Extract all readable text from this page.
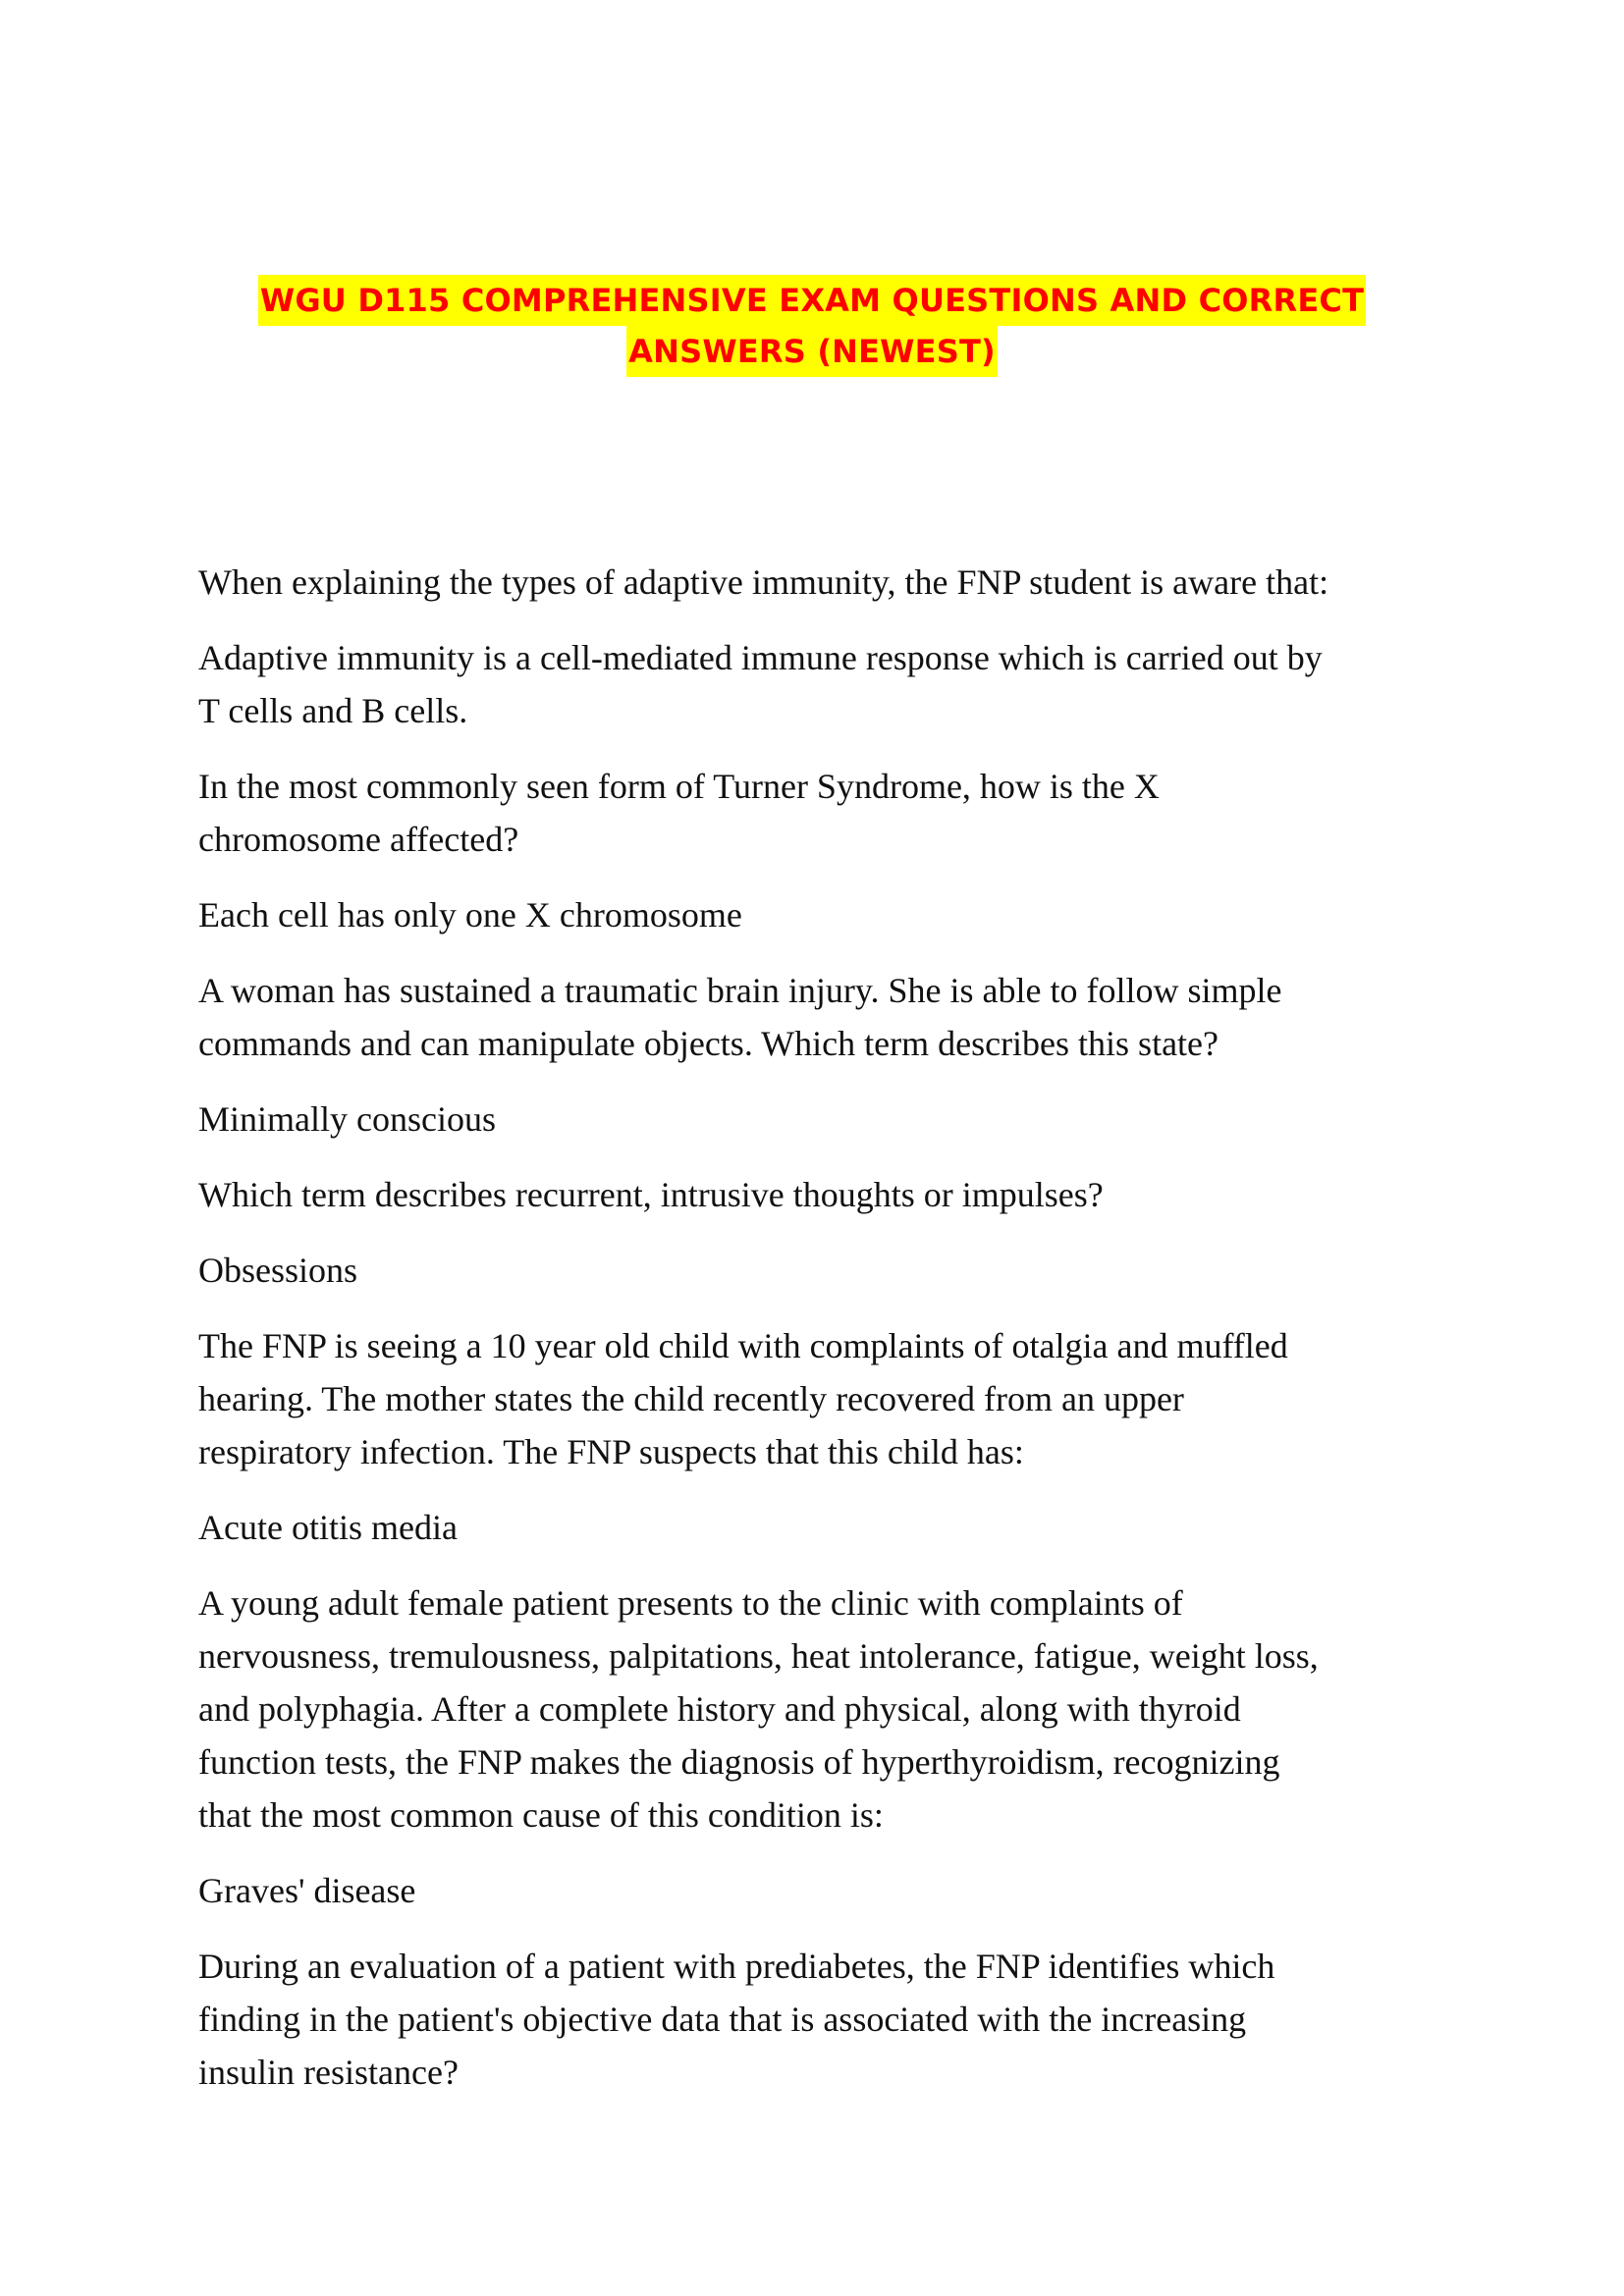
WGU D115 COMPREHENSIVE EXAM QUESTIONS AND CORRECT
ANSWERS (NEWEST)

When explaining the types of adaptive immunity, the FNP student is aware that:

Adaptive immunity is a cell-mediated immune response which is carried out by
T cells and B cells.

In the most commonly seen form of Turner Syndrome, how is the X
chromosome affected?

Each cell has only one X chromosome

A woman has sustained a traumatic brain injury. She is able to follow simple
commands and can manipulate objects. Which term describes this state?

Minimally conscious

Which term describes recurrent, intrusive thoughts or impulses?

Obsessions

The FNP is seeing a 10 year old child with complaints of otalgia and muffled
hearing. The mother states the child recently recovered from an upper
respiratory infection. The FNP suspects that this child has:

Acute otitis media

A young adult female patient presents to the clinic with complaints of
nervousness, tremulousness, palpitations, heat intolerance, fatigue, weight loss,
and polyphagia. After a complete history and physical, along with thyroid
function tests, the FNP makes the diagnosis of hyperthyroidism, recognizing
that the most common cause of this condition is:

Graves' disease

During an evaluation of a patient with prediabetes, the FNP identifies which
finding in the patient's objective data that is associated with the increasing
insulin resistance?
